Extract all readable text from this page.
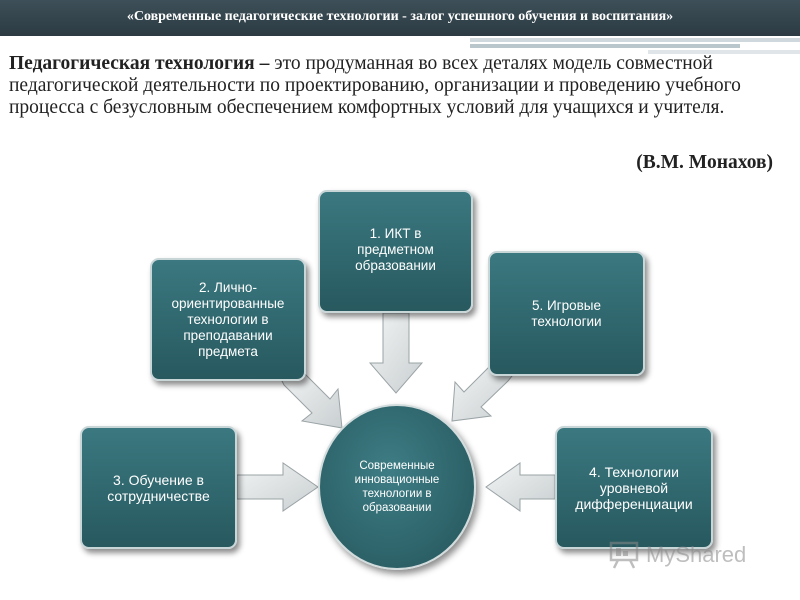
«Современные педагогические технологии - залог успешного обучения и воспитания»
Педагогическая технология – это продуманная во всех деталях модель совместной педагогической деятельности по проектированию, организации и проведению учебного процесса с безусловным обеспечением комфортных условий для учащихся и учителя.
(В.М. Монахов)
1. ИКТ в
предметном
образовании
2. Лично-
ориентированные
технологии в
преподавании
предмета
5. Игровые
технологии
3. Обучение в
сотрудничестве
4. Технологии
уровневой
дифференциации
Современные инновационные технологии в образовании
MyShared
